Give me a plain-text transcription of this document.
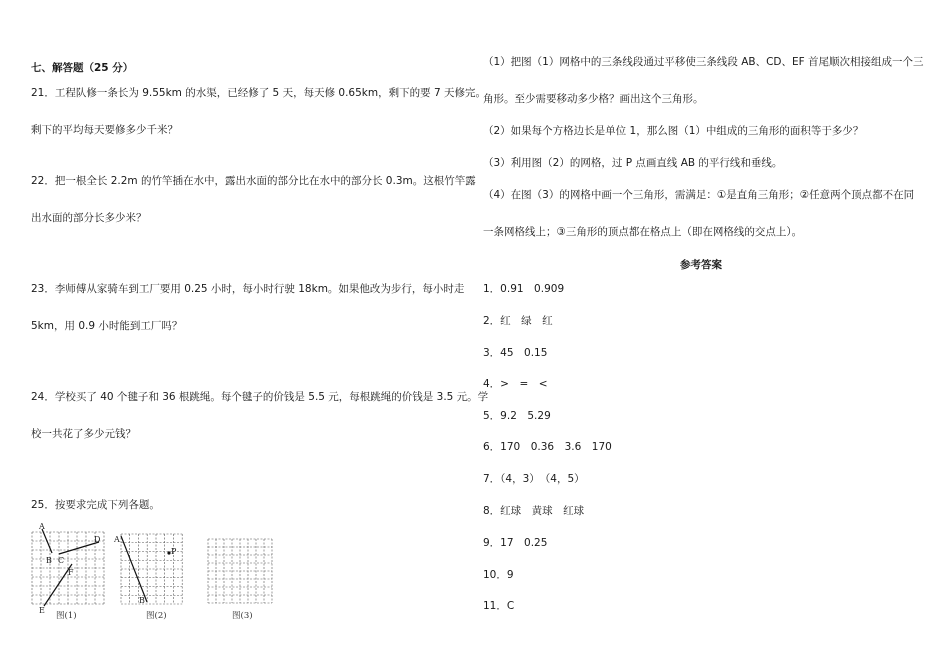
七、解答题（25 分）
21．工程队修一条长为 9.55km 的水渠，已经修了 5 天，每天修 0.65km，剩下的要 7 天修完。
剩下的平均每天要修多少千米？
22．把一根全长 2.2m 的竹竿插在水中，露出水面的部分比在水中的部分长 0.3m。这根竹竿露
出水面的部分长多少米？
23．李师傅从家骑车到工厂要用 0.25 小时，每小时行驶 18km。如果他改为步行，每小时走
5km，用 0.9 小时能到工厂吗？
24．学校买了 40 个毽子和 36 根跳绳。每个毽子的价钱是 5.5 元，每根跳绳的价钱是 3.5 元。学
校一共花了多少元钱？
25．按要求完成下列各题。
A
B C
D
F
E
图(1)
A
B
P
图(2)	图(3)
（1）把图（1）网格中的三条线段通过平移使三条线段 AB、CD、EF 首尾顺次相接组成一个三
角形。至少需要移动多少格？画出这个三角形。
（2）如果每个方格边长是单位 1，那么图（1）中组成的三角形的面积等于多少？
（3）利用图（2）的网格，过 P 点画直线 AB 的平行线和垂线。
（4）在图（3）的网格中画一个三角形，需满足：①是直角三角形；②任意两个顶点都不在同
一条网格线上；③三角形的顶点都在格点上（即在网格线的交点上）。
参考答案
1．0.91　0.909
2．红　绿　红
3．45　0.15
4．>　=　<
5．9.2　5.29
6．170　0.36　3.6　170
7．（4，3）　（4，5）
8．红球　黄球　红球
9．17　0.25
10．9
11．C
